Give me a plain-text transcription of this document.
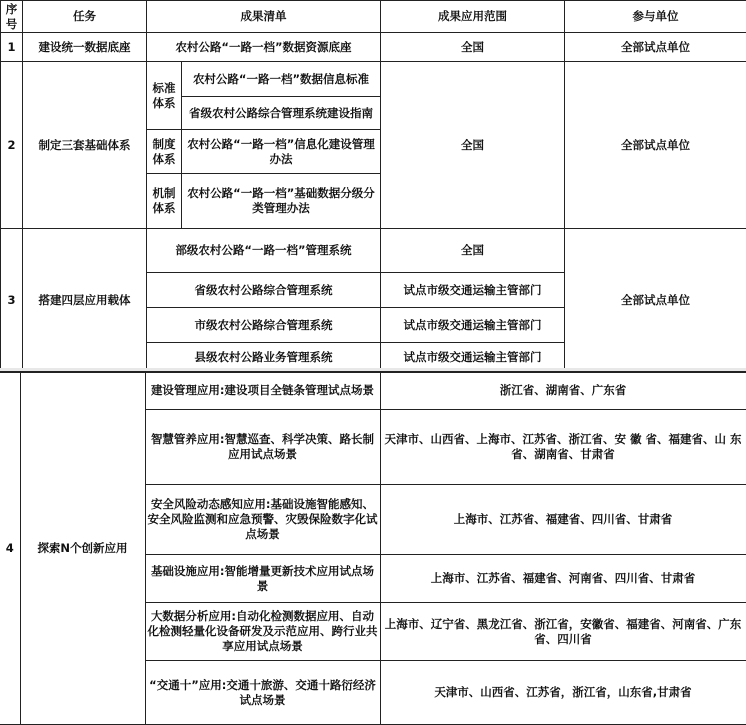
序号	任务	成果清单		成果应用范围	参与单位
1	建设统一数据底座	农村公路“一路一档”数据资源底座		全国	全部试点单位
2	制定三套基础体系	标准体系	农村公路“一路一档”数据信息标准	全国	全部试点单位
			省级农村公路综合管理系统建设指南		
		制度体系	农村公路“一路一档”信息化建设管理办法		
		机制体系	农村公路“一路一档”基础数据分级分类管理办法		
3	搭建四层应用载体	部级农村公路“一路一档”管理系统		全国	全部试点单位
		省级农村公路综合管理系统		试点市级交通运输主管部门	
		市级农村公路综合管理系统		试点市级交通运输主管部门	
		县级农村公路业务管理系统		试点市级交通运输主管部门	
4	探索N个创新应用	建设管理应用:建设项目全链条管理试点场景	浙江省、湖南省、广东省
		智慧管养应用:智慧巡查、科学决策、路长制应用试点场景	天津市、山西省、上海市、江苏省、浙江省、安 徽 省、福建省、山 东 省、湖南省、甘肃省
		安全风险动态感知应用:基础设施智能感知、安全风险监测和应急预警、灾毁保险数字化试点场景	上海市、江苏省、福建省、四川省、甘肃省
		基础设施应用:智能增量更新技术应用试点场景	上海市、江苏省、福建省、河南省、四川省、甘肃省
		大数据分析应用:自动化检测数据应用、自动化检测轻量化设备研发及示范应用、跨行业共享应用试点场景	上海市、辽宁省、黑龙江省、浙江省，安徽省、福建省、河南省、广东省、四川省
		“交通十”应用:交通十旅游、交通十路衍经济试点场景	天津市、山西省、江苏省，浙江省，山东省,甘肃省
